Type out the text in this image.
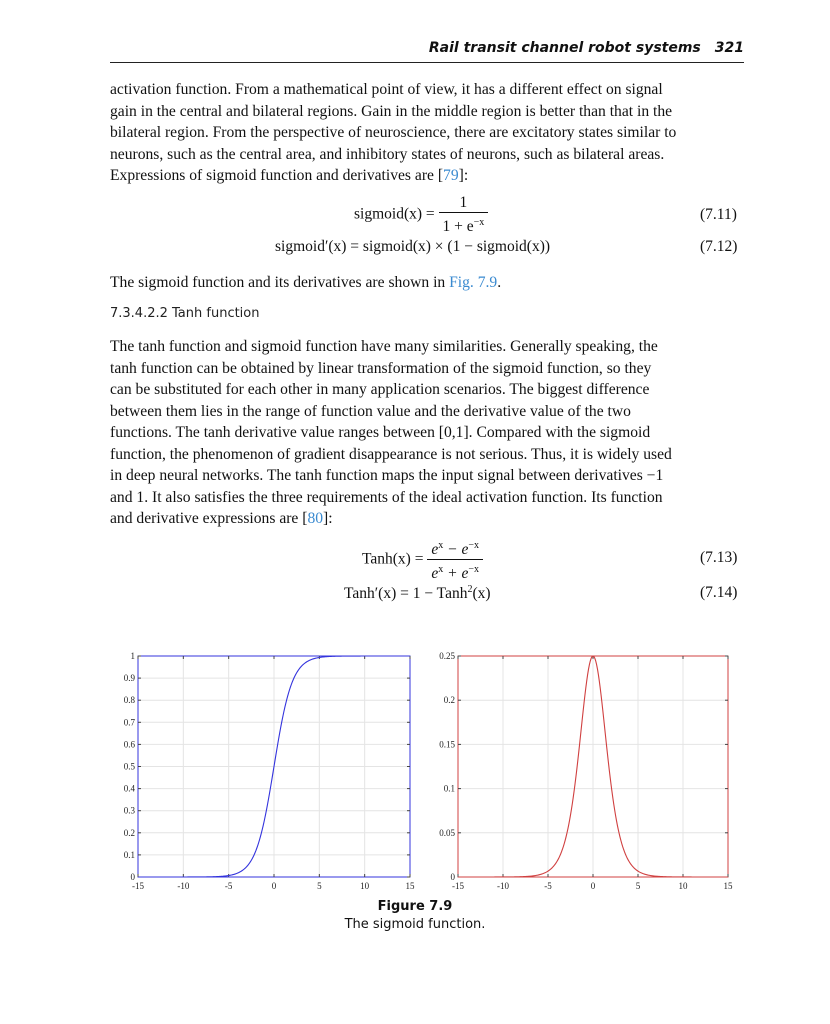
Rail transit channel robot systems 321

activation function. From a mathematical point of view, it has a different effect on signal
gain in the central and bilateral regions. Gain in the middle region is better than that in the
bilateral region. From the perspective of neuroscience, there are excitatory states similar to
neurons, such as the central area, and inhibitory states of neurons, such as bilateral areas.
Expressions of sigmoid function and derivatives are [79]:

sigmoid(x) = $\frac{1}{1 + e^{-x}}$	(7.11)
sigmoid′(x) = sigmoid(x) × (1 − sigmoid(x))	(7.12)

The sigmoid function and its derivatives are shown in Fig. 7.9.

7.3.4.2.2 Tanh function

The tanh function and sigmoid function have many similarities. Generally speaking, the
tanh function can be obtained by linear transformation of the sigmoid function, so they
can be substituted for each other in many application scenarios. The biggest difference
between them lies in the range of function value and the derivative value of the two
functions. The tanh derivative value ranges between [0,1]. Compared with the sigmoid
function, the phenomenon of gradient disappearance is not serious. Thus, it is widely used
in deep neural networks. The tanh function maps the input signal between derivatives −1
and 1. It also satisfies the three requirements of the ideal activation function. Its function
and derivative expressions are [80]:

Tanh(x) = $\frac{e^x - e^{-x}}{e^x + e^{-x}}$	(7.13)
Tanh′(x) = 1 − Tanh$^2$(x)	(7.14)
-15	-10	-5	0	5	10	15
0
0.1
0.2
0.3
0.4
0.5
0.6
0.7
0.8
0.9
1
-15	-10	-5	0	5	10	15
0
0.05
0.1
0.15
0.2
0.25
Figure 7.9
The sigmoid function.
